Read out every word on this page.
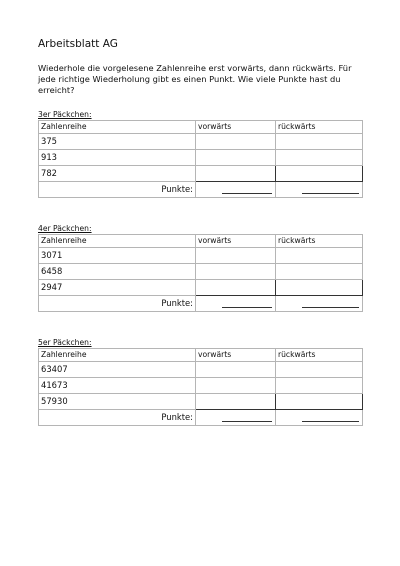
Arbeitsblatt AG
Wiederhole die vorgelesene Zahlenreihe erst vorwärts, dann rückwärts. Für jede richtige Wiederholung gibt es einen Punkt. Wie viele Punkte hast du erreicht?
3er Päckchen:
Zahlenreihe	vorwärts	rückwärts
375		
913		
782		
Punkte:	

4er Päckchen:
Zahlenreihe	vorwärts	rückwärts
3071		
6458		
2947		
Punkte:	

5er Päckchen:
Zahlenreihe	vorwärts	rückwärts
63407		
41673		
57930		
Punkte:	
